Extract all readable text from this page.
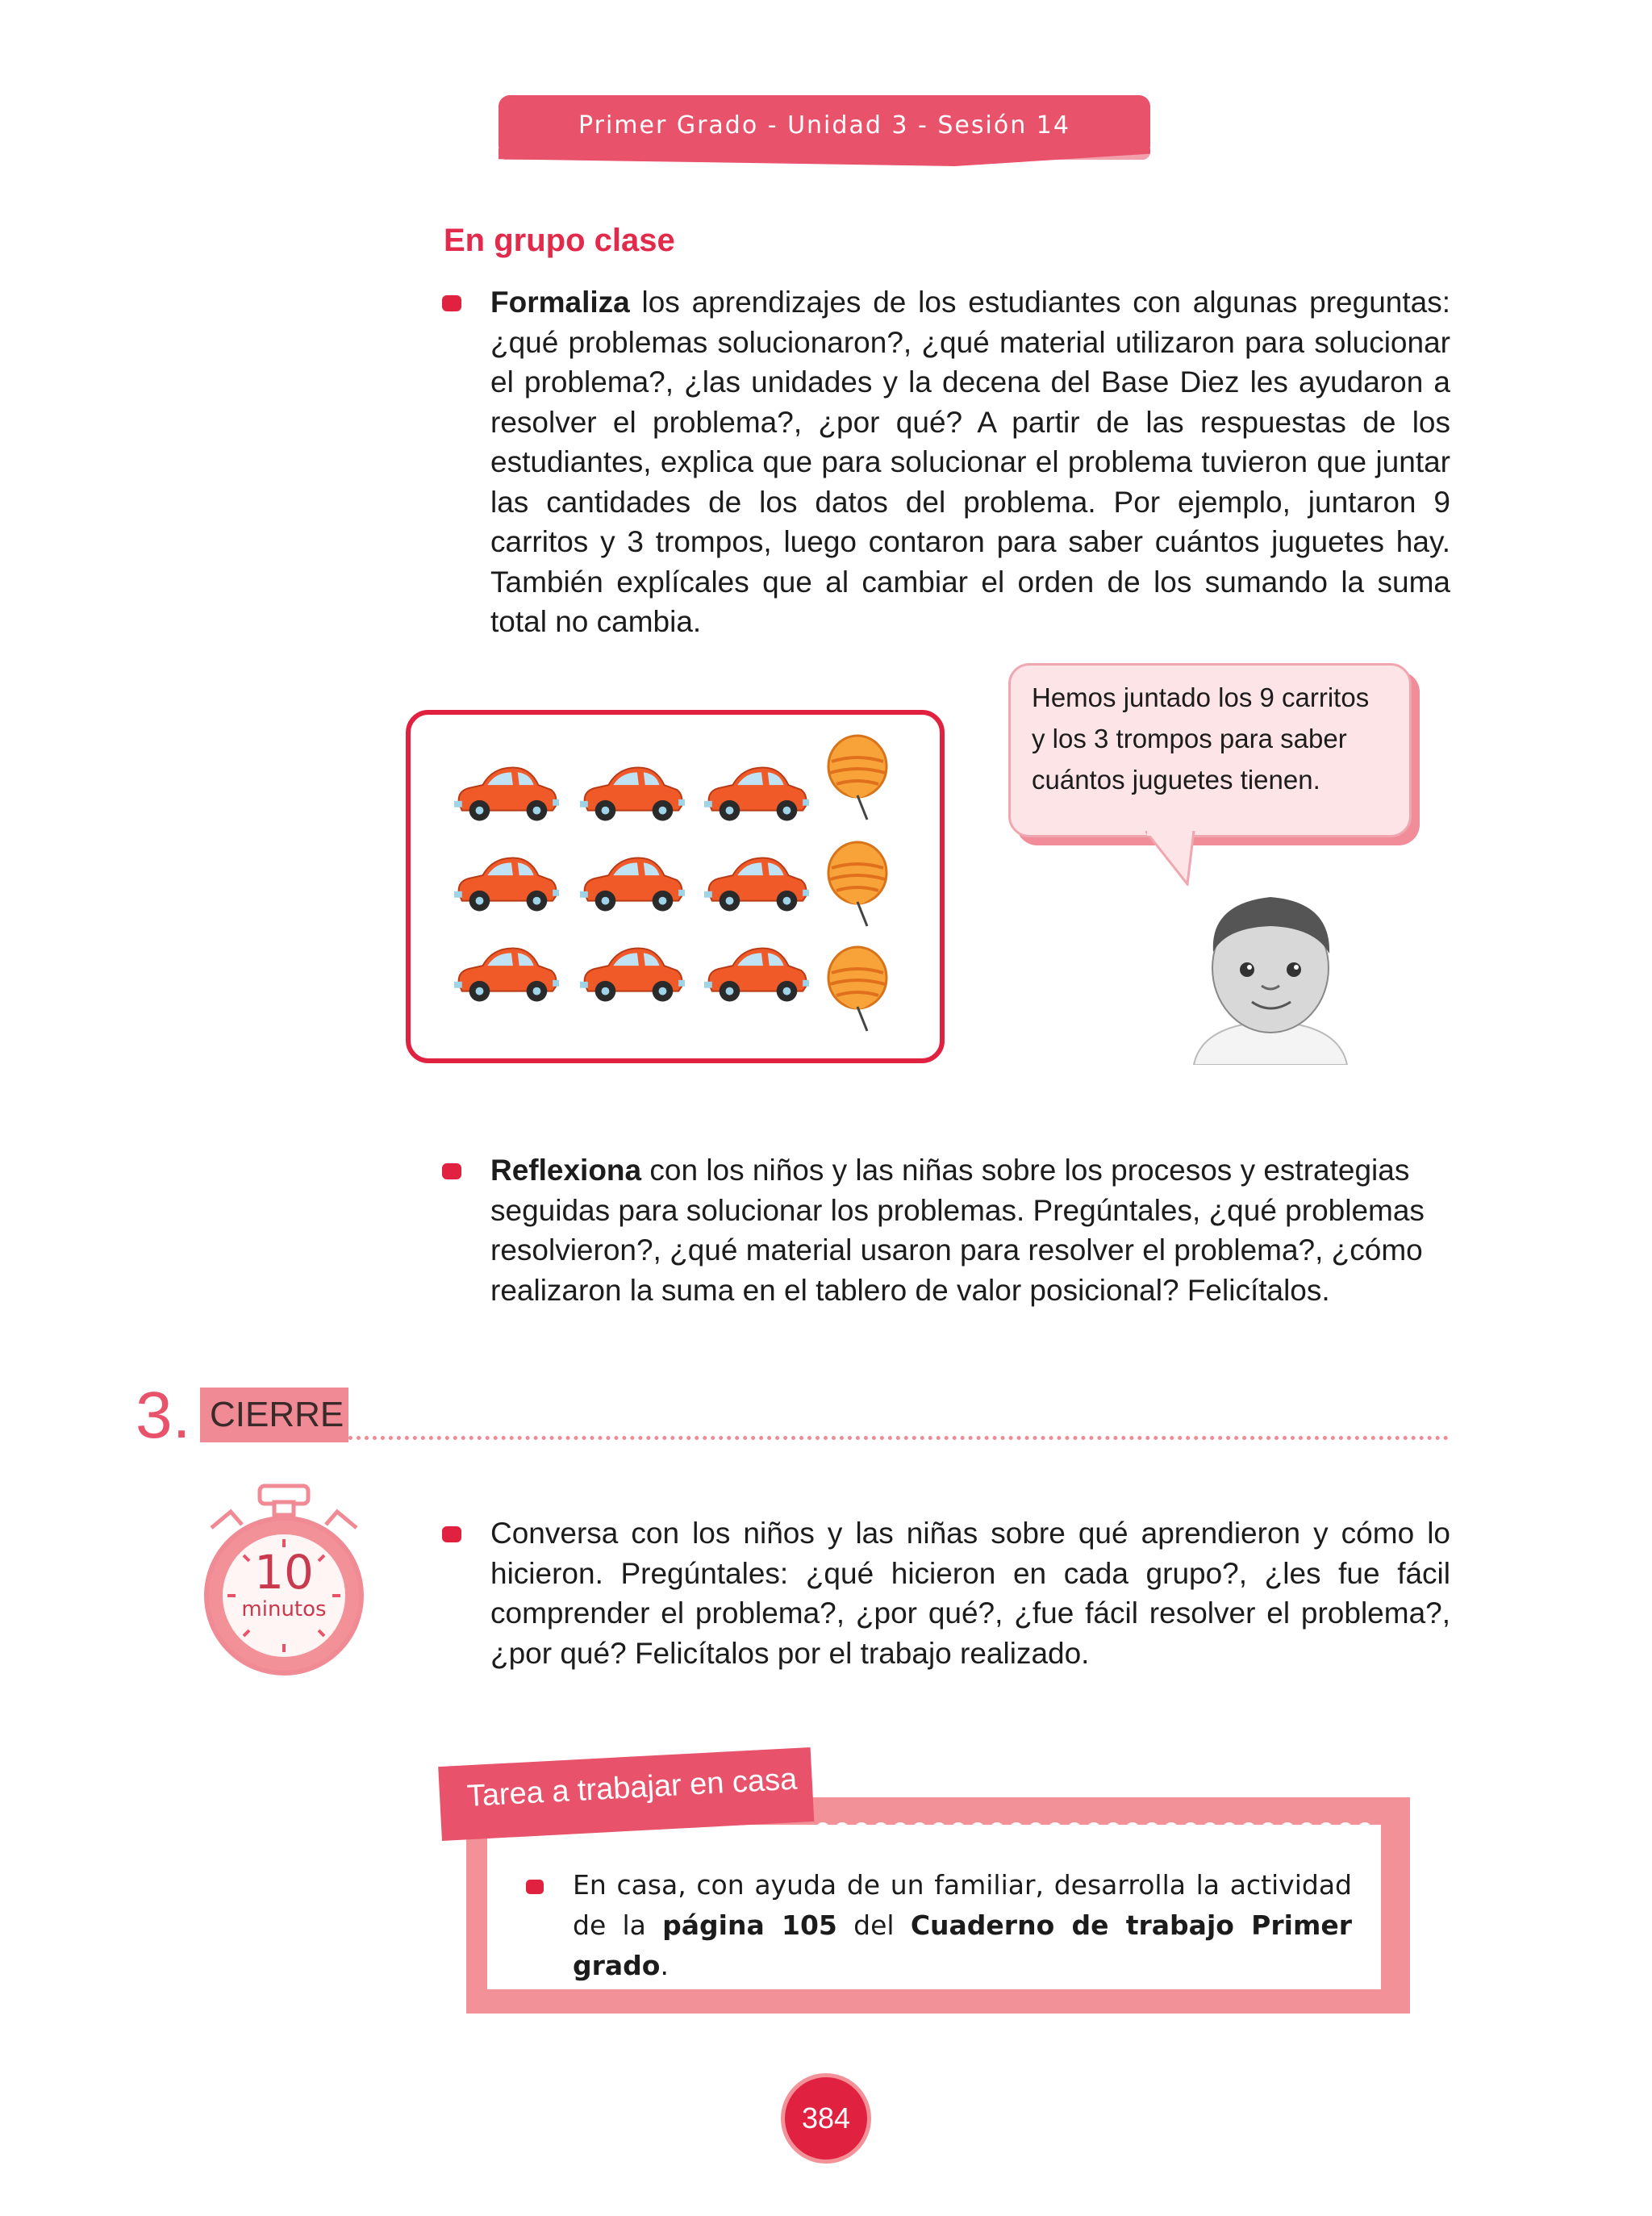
Primer Grado - Unidad 3 - Sesión 14
En grupo clase
Formaliza los aprendizajes de los estudiantes con algunas preguntas: ¿qué problemas solucionaron?, ¿qué material utilizaron para solucionar el problema?, ¿las unidades y la decena del Base Diez les ayudaron a resolver el problema?, ¿por qué? A partir de las respuestas de los estudiantes, explica que para solucionar el problema tuvieron que juntar las cantidades de los datos del problema. Por ejemplo, juntaron 9 carritos y 3 trompos, luego contaron para saber cuántos juguetes hay. También explícales que al cambiar el orden de los sumando la suma total no cambia.
Hemos juntado los 9 carritos y los 3 trompos para saber cuántos juguetes tienen.
Reflexiona con los niños y las niñas sobre los procesos y estrategias seguidas para solucionar los problemas. Pregúntales, ¿qué problemas resolvieron?, ¿qué material usaron para resolver el problema?, ¿cómo realizaron la suma en el tablero de valor posicional? Felicítalos.
3. CIERRE
10
minutos
Conversa con los niños y las niñas sobre qué aprendieron y cómo lo hicieron. Pregúntales: ¿qué hicieron en cada grupo?, ¿les fue fácil comprender el problema?, ¿por qué?, ¿fue fácil resolver el problema?, ¿por qué? Felicítalos por el trabajo realizado.
Tarea a trabajar en casa
En casa, con ayuda de un familiar, desarrolla la actividad de la página 105 del Cuaderno de trabajo Primer grado.
384
